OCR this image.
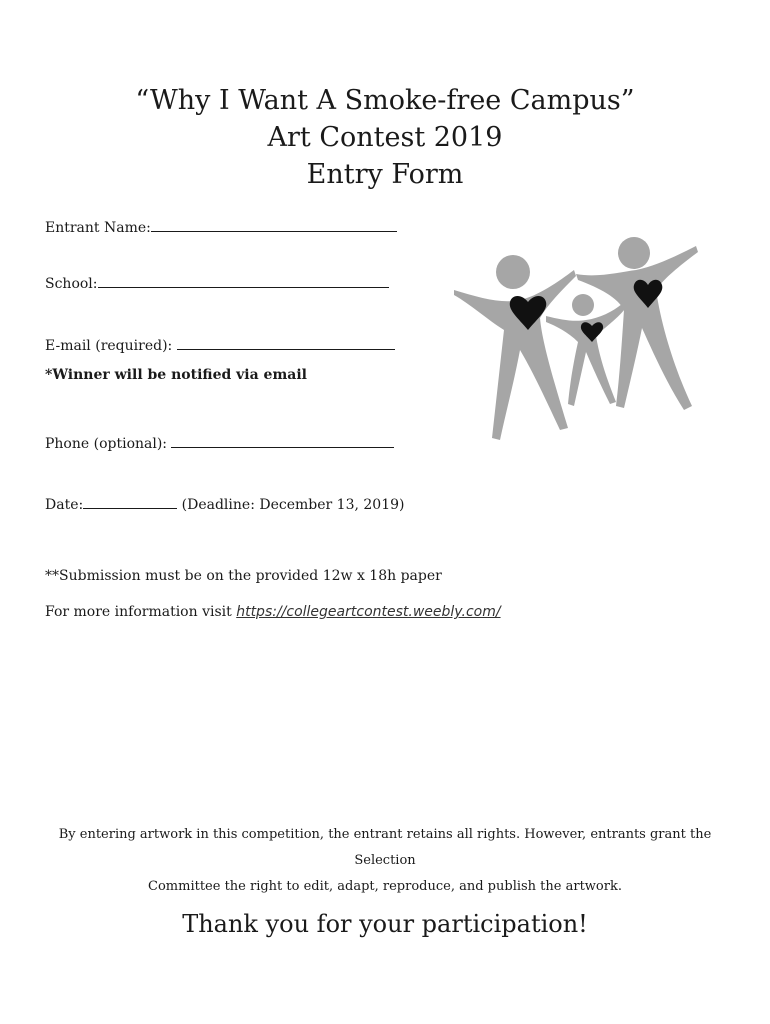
“Why I Want A Smoke-free Campus”
Art Contest 2019
Entry Form
Entrant Name:
School:
E-mail (required):
*Winner will be notified via email
Phone (optional):
Date:	(Deadline: December 13, 2019)
**Submission must be on the provided 12w x 18h paper
For more information visit https://collegeartcontest.weebly.com/
By entering artwork in this competition, the entrant retains all rights. However, entrants grant the Selection
Committee the right to edit, adapt, reproduce, and publish the artwork.
Thank you for your participation!
